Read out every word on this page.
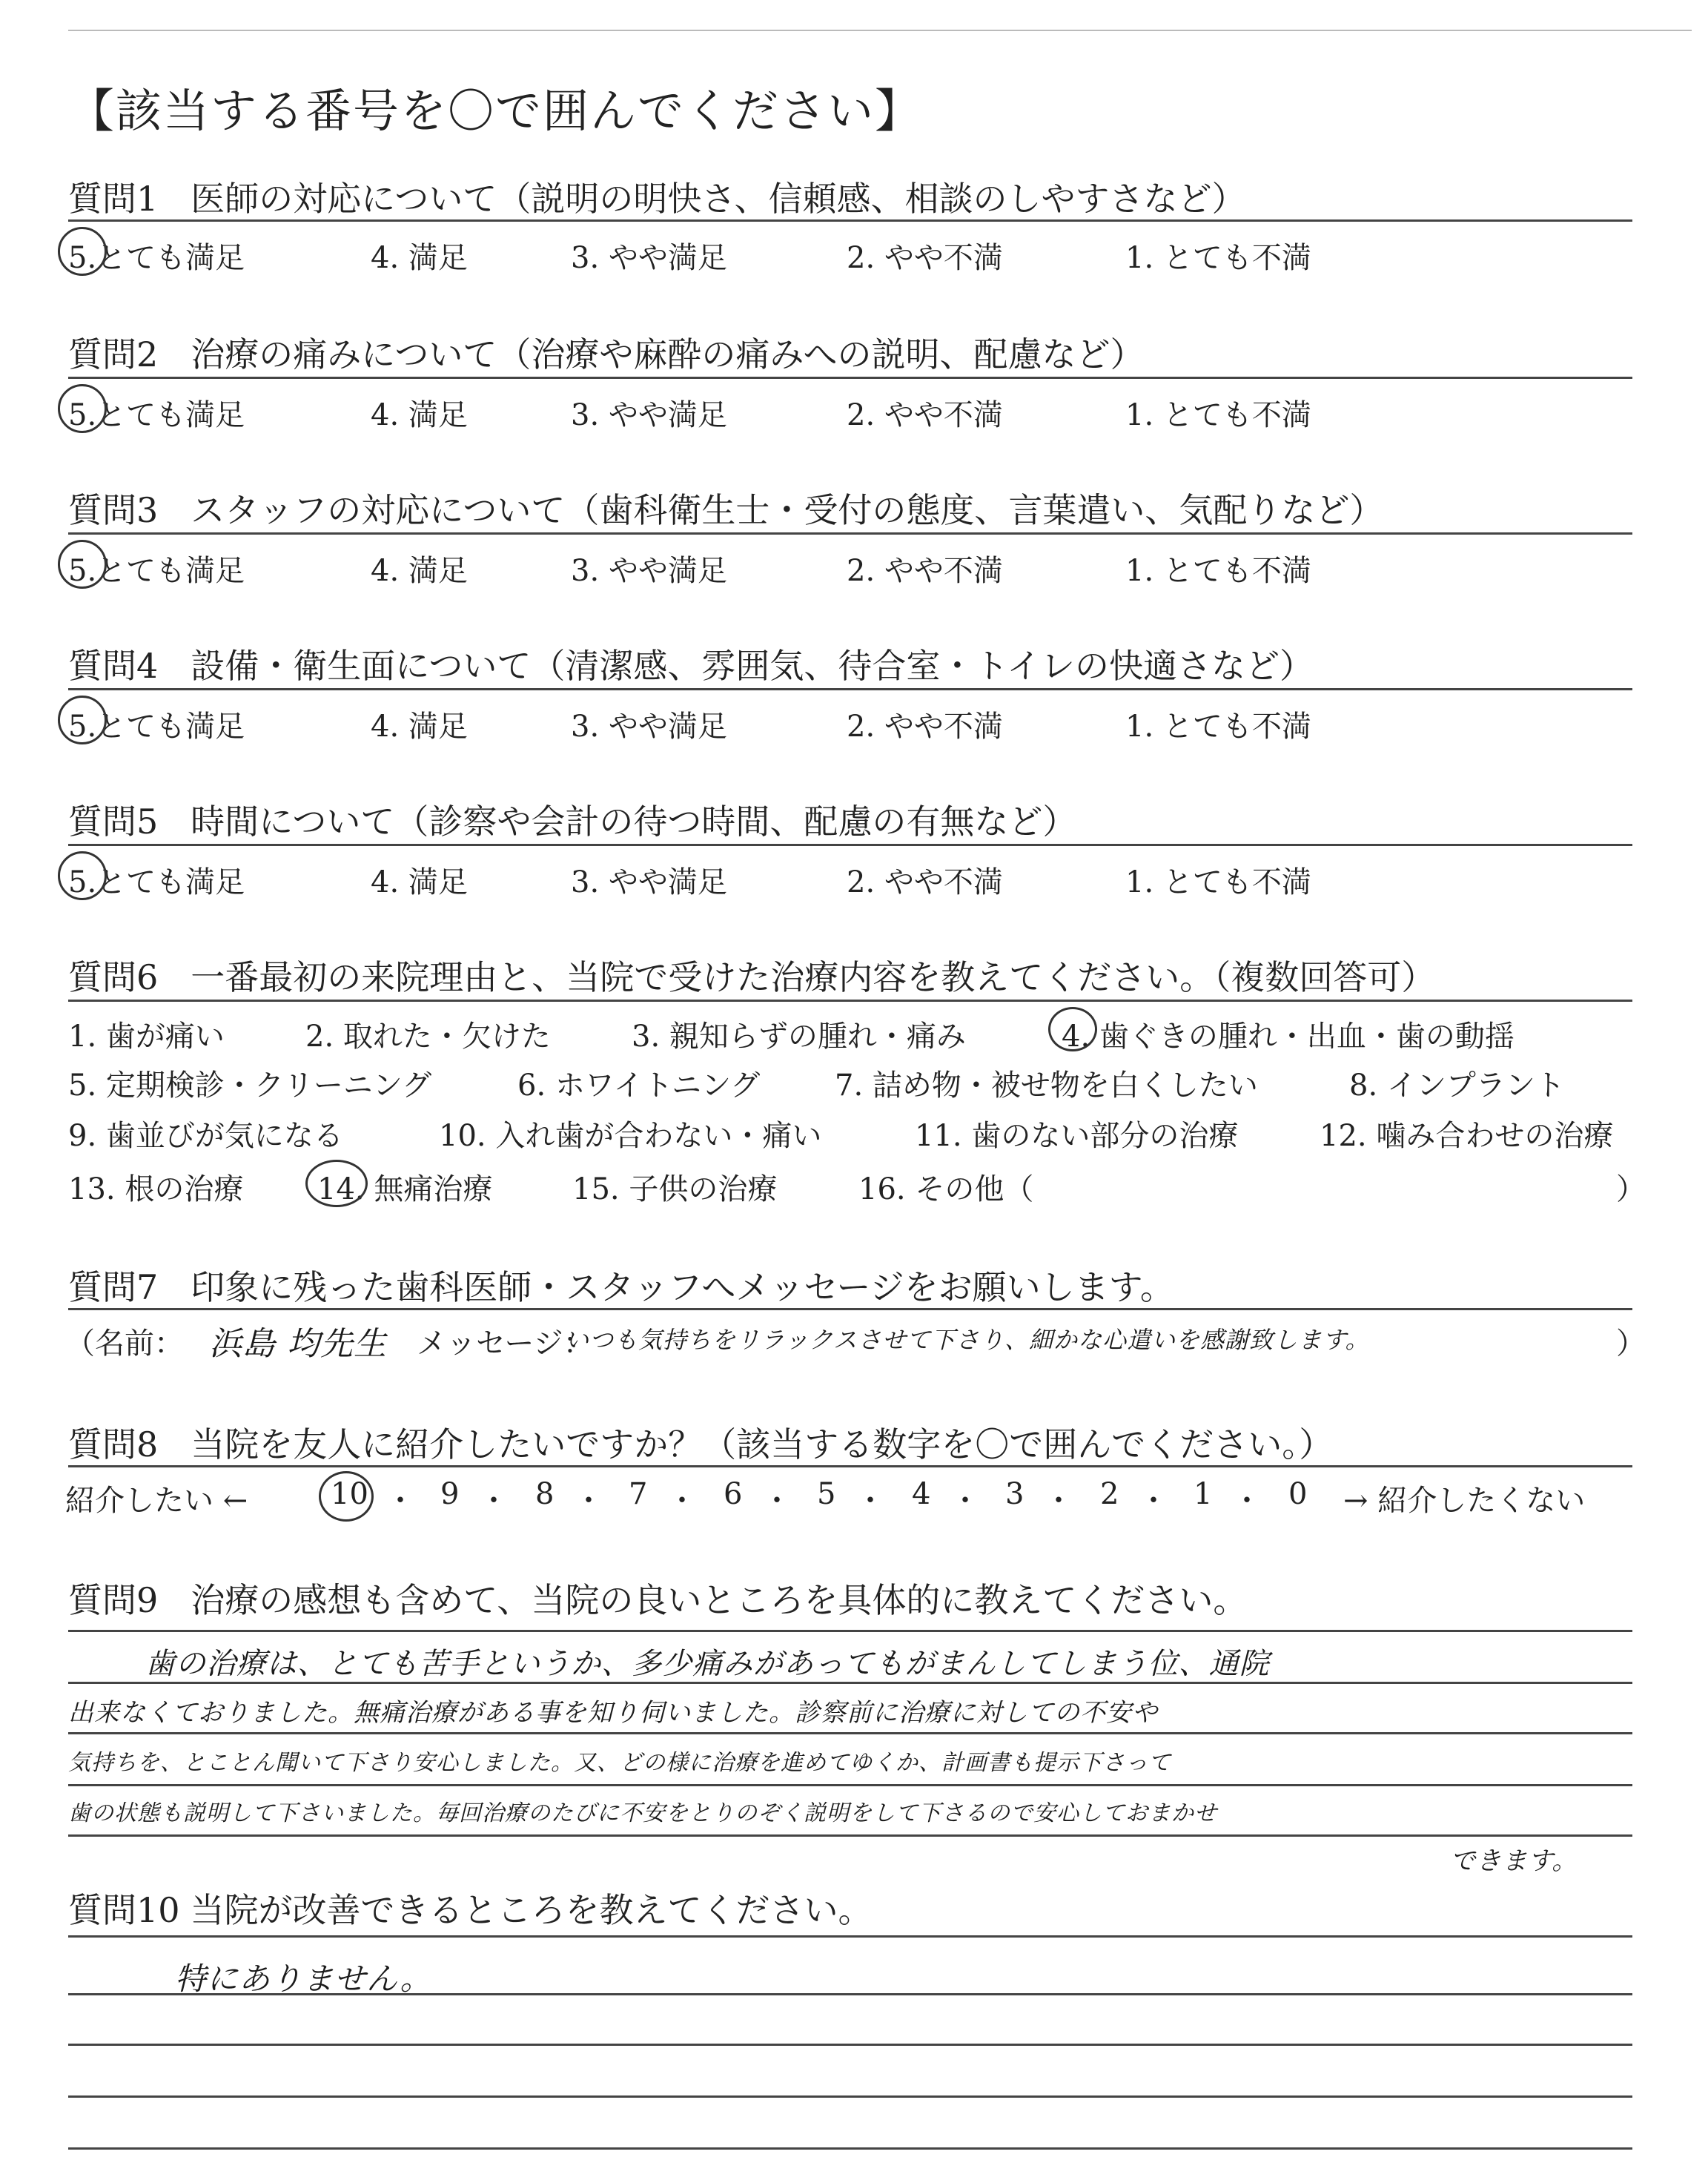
【該当する番号を〇で囲んでください】
質問1 医師の対応について（説明の明快さ、信頼感、相談のしやすさなど）
5.とても満足	4. 満足	3. やや満足	2. やや不満	1. とても不満
質問2 治療の痛みについて（治療や麻酔の痛みへの説明、配慮など）
5.とても満足	4. 満足	3. やや満足	2. やや不満	1. とても不満
質問3 スタッフの対応について（歯科衛生士・受付の態度、言葉遣い、気配りなど）
5.とても満足	4. 満足	3. やや満足	2. やや不満	1. とても不満
質問4 設備・衛生面について（清潔感、雰囲気、待合室・トイレの快適さなど）
5.とても満足	4. 満足	3. やや満足	2. やや不満	1. とても不満
質問5 時間について（診察や会計の待つ時間、配慮の有無など）
5.とても満足	4. 満足	3. やや満足	2. やや不満	1. とても不満
質問6 一番最初の来院理由と、当院で受けた治療内容を教えてください。（複数回答可）
1. 歯が痛い	2. 取れた・欠けた	3. 親知らずの腫れ・痛み	4. 歯ぐきの腫れ・出血・歯の動揺
5. 定期検診・クリーニング	6. ホワイトニング	7. 詰め物・被せ物を白くしたい	8. インプラント
9. 歯並びが気になる	10. 入れ歯が合わない・痛い	11. 歯のない部分の治療	12. 噛み合わせの治療
13. 根の治療 14. 無痛治療	15. 子供の治療	16. その他（	）
質問7 印象に残った歯科医師・スタッフへメッセージをお願いします。
（名前： 浜島 均先生 メッセージ：
いつも気持ちをリラックスさせて下さり、細かな心遣いを感謝致します。	）
質問8 当院を友人に紹介したいですか？（該当する数字を〇で囲んでください。）
紹介したい ←	10 ・ 9 ・ 8 ・ 7 ・ 6 ・ 5 ・ 4 ・ 3 ・ 2 ・ 1 ・ 0 → 紹介したくない
質問9 治療の感想も含めて、当院の良いところを具体的に教えてください。
歯の治療は、とても苦手というか、多少痛みがあってもがまんしてしまう位、通院
出来なくておりました。無痛治療がある事を知り伺いました。診察前に治療に対しての不安や
気持ちを、とことん聞いて下さり安心しました。又、どの様に治療を進めてゆくか、計画書も提示下さって
歯の状態も説明して下さいました。毎回治療のたびに不安をとりのぞく説明をして下さるので安心しておまかせ
できます。
質問10 当院が改善できるところを教えてください。
特にありません。
